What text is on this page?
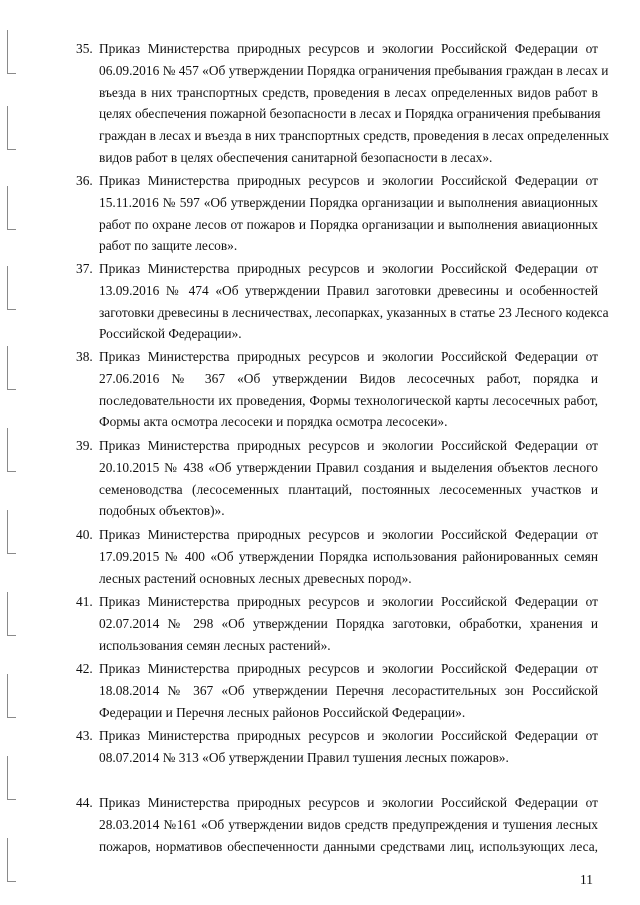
35. Приказ Министерства природных ресурсов и экологии Российской Федерации от
06.09.2016 № 457 «Об утверждении Порядка ограничения пребывания граждан в лесах и
въезда в них транспортных средств, проведения в лесах определенных видов работ в
целях обеспечения пожарной безопасности в лесах и Порядка ограничения пребывания
граждан в лесах и въезда в них транспортных средств, проведения в лесах определенных
видов работ в целях обеспечения санитарной безопасности в лесах».
36. Приказ Министерства природных ресурсов и экологии Российской Федерации от
15.11.2016 № 597 «Об утверждении Порядка организации и выполнения авиационных
работ по охране лесов от пожаров и Порядка организации и выполнения авиационных
работ по защите лесов».
37. Приказ Министерства природных ресурсов и экологии Российской Федерации от
13.09.2016 № 474 «Об утверждении Правил заготовки древесины и особенностей
заготовки древесины в лесничествах, лесопарках, указанных в статье 23 Лесного кодекса
Российской Федерации».
38. Приказ Министерства природных ресурсов и экологии Российской Федерации от
27.06.2016 № 367 «Об утверждении Видов лесосечных работ, порядка и
последовательности их проведения, Формы технологической карты лесосечных работ,
Формы акта осмотра лесосеки и порядка осмотра лесосеки».
39. Приказ Министерства природных ресурсов и экологии Российской Федерации от
20.10.2015 № 438 «Об утверждении Правил создания и выделения объектов лесного
семеноводства (лесосеменных плантаций, постоянных лесосеменных участков и
подобных объектов)».
40. Приказ Министерства природных ресурсов и экологии Российской Федерации от
17.09.2015 № 400 «Об утверждении Порядка использования районированных семян
лесных растений основных лесных древесных пород».
41. Приказ Министерства природных ресурсов и экологии Российской Федерации от
02.07.2014 № 298 «Об утверждении Порядка заготовки, обработки, хранения и
использования семян лесных растений».
42. Приказ Министерства природных ресурсов и экологии Российской Федерации от
18.08.2014 № 367 «Об утверждении Перечня лесорастительных зон Российской
Федерации и Перечня лесных районов Российской Федерации».
43. Приказ Министерства природных ресурсов и экологии Российской Федерации от
08.07.2014 № 313 «Об утверждении Правил тушения лесных пожаров».
44. Приказ Министерства природных ресурсов и экологии Российской Федерации от
28.03.2014 №161 «Об утверждении видов средств предупреждения и тушения лесных
пожаров, нормативов обеспеченности данными средствами лиц, использующих леса,
11
